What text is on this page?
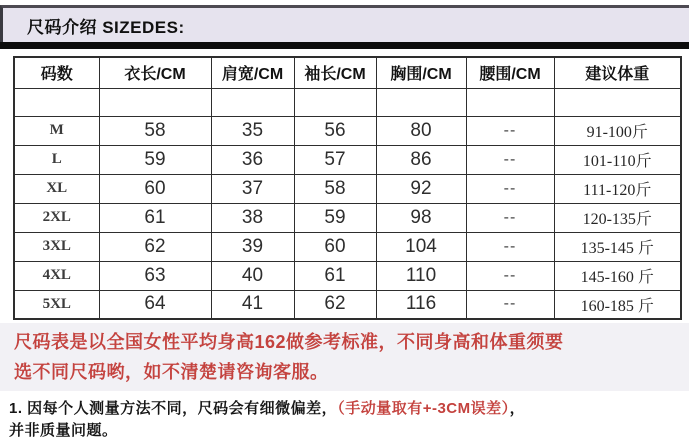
尺码介绍 SIZEDES:
码数	衣长/CM	肩宽/CM	袖长/CM	胸围/CM	腰围/CM	建议体重

M	58	35	56	80	--	91-100斤
L	59	36	57	86	--	101-110斤
XL	60	37	58	92	--	111-120斤
2XL	61	38	59	98	--	120-135斤
3XL	62	39	60	104	--	135-145 斤
4XL	63	40	61	110	--	145-160 斤
5XL	64	41	62	116	--	160-185 斤
尺码表是以全国女性平均身高162做参考标准，不同身高和体重须要
选不同尺码哟，如不清楚请咨询客服。
1. 因每个人测量方法不同，尺码会有细微偏差，（手动量取有+-3CM误差），
并非质量问题。
